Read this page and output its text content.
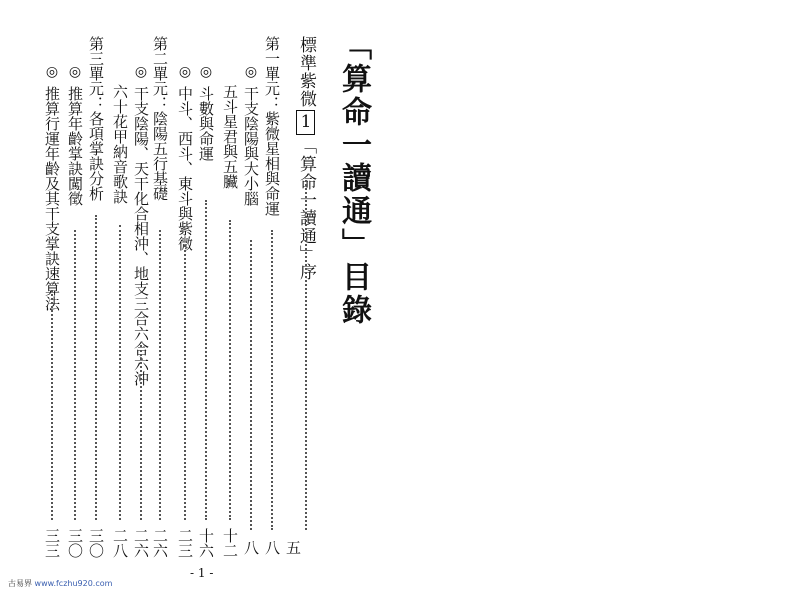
「算命一讀通」目錄
標準紫微1「算命一讀通」序
五
第一單元：紫微星相與命運
八
◎干支陰陽與大小腦
八
五斗星君與五臟
十二
◎斗數與命運
十六
◎中斗、西斗、東斗與紫微
二三
第二單元：陰陽五行基礎
二六
◎干支陰陽、天干化合相沖、地支三合六合六沖
二六
六十花甲納音歌訣
二八
第三單元：各項掌訣分析
三〇
◎推算年齡掌訣闖徵
三〇
◎推算行運年齡及其干支掌訣速算法
三三
- 1 -
古易界 www.fczhu920.com
